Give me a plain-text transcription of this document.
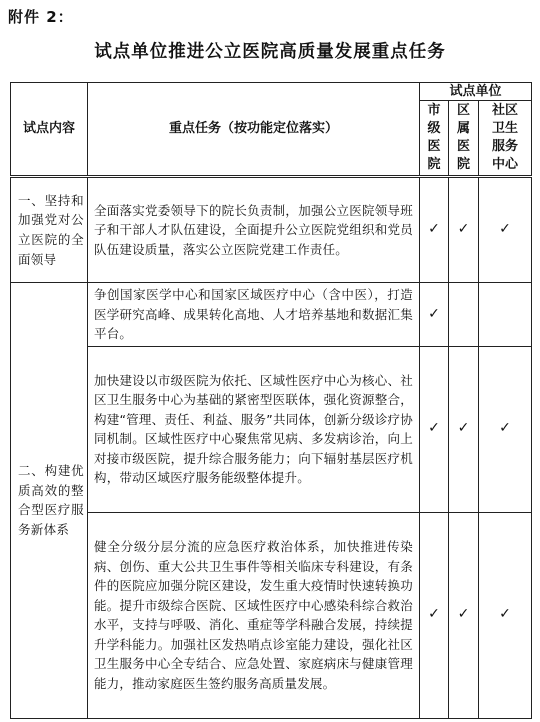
附件 2：
试点单位推进公立医院高质量发展重点任务
试点内容	重点任务（按功能定位落实）	试点单位		

		市级医院	区属医院	社区卫生服务中心

一、坚持和加强党对公立医院的全面领导	全面落实党委领导下的院长负责制，加强公立医院领导班子和干部人才队伍建设，全面提升公立医院党组织和党员队伍建设质量，落实公立医院党建工作责任。	✓	✓	✓
二、构建优质高效的整合型医疗服务新体系	争创国家医学中心和国家区域医疗中心（含中医），打造医学研究高峰、成果转化高地、人才培养基地和数据汇集平台。	✓		
	加快建设以市级医院为依托、区域性医疗中心为核心、社区卫生服务中心为基础的紧密型医联体，强化资源整合，构建“管理、责任、利益、服务”共同体，创新分级诊疗协同机制。区域性医疗中心聚焦常见病、多发病诊治，向上对接市级医院，提升综合服务能力；向下辐射基层医疗机构，带动区域医疗服务能级整体提升。	✓	✓	✓
	健全分级分层分流的应急医疗救治体系，加快推进传染病、创伤、重大公共卫生事件等相关临床专科建设，有条件的医院应加强分院区建设，发生重大疫情时快速转换功能。提升市级综合医院、区域性医疗中心感染科综合救治水平，支持与呼吸、消化、重症等学科融合发展，持续提升学科能力。加强社区发热哨点诊室能力建设，强化社区卫生服务中心全专结合、应急处置、家庭病床与健康管理能力，推动家庭医生签约服务高质量发展。	✓	✓	✓
